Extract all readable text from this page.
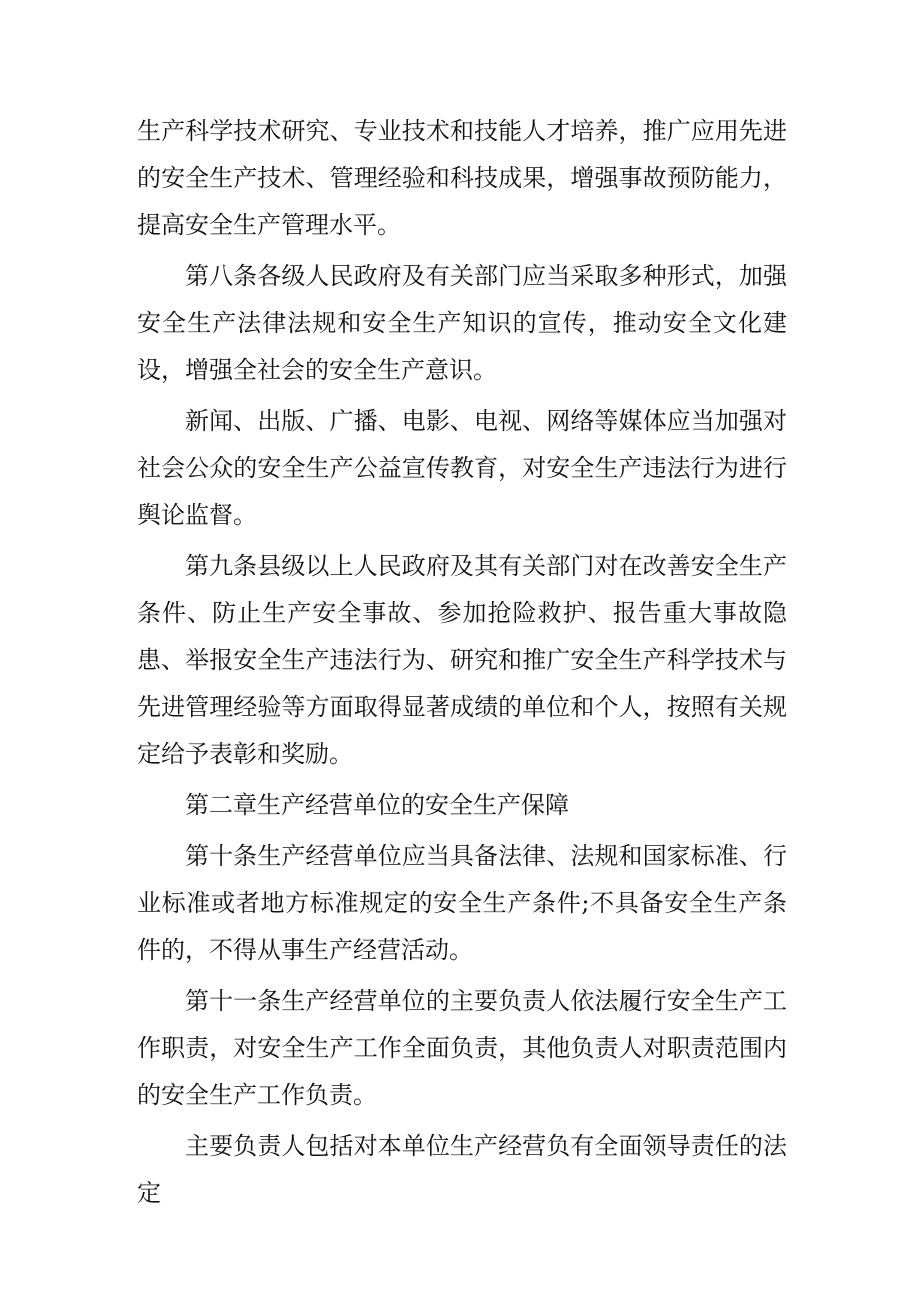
生产科学技术研究、专业技术和技能人才培养，推广应用先进的安全生产技术、管理经验和科技成果，增强事故预防能力，提高安全生产管理水平。

第八条各级人民政府及有关部门应当采取多种形式，加强安全生产法律法规和安全生产知识的宣传，推动安全文化建设，增强全社会的安全生产意识。

新闻、出版、广播、电影、电视、网络等媒体应当加强对社会公众的安全生产公益宣传教育，对安全生产违法行为进行舆论监督。

第九条县级以上人民政府及其有关部门对在改善安全生产条件、防止生产安全事故、参加抢险救护、报告重大事故隐患、举报安全生产违法行为、研究和推广安全生产科学技术与先进管理经验等方面取得显著成绩的单位和个人，按照有关规定给予表彰和奖励。

第二章生产经营单位的安全生产保障

第十条生产经营单位应当具备法律、法规和国家标准、行业标准或者地方标准规定的安全生产条件;不具备安全生产条件的，不得从事生产经营活动。

第十一条生产经营单位的主要负责人依法履行安全生产工作职责，对安全生产工作全面负责，其他负责人对职责范围内的安全生产工作负责。

主要负责人包括对本单位生产经营负有全面领导责任的法定
